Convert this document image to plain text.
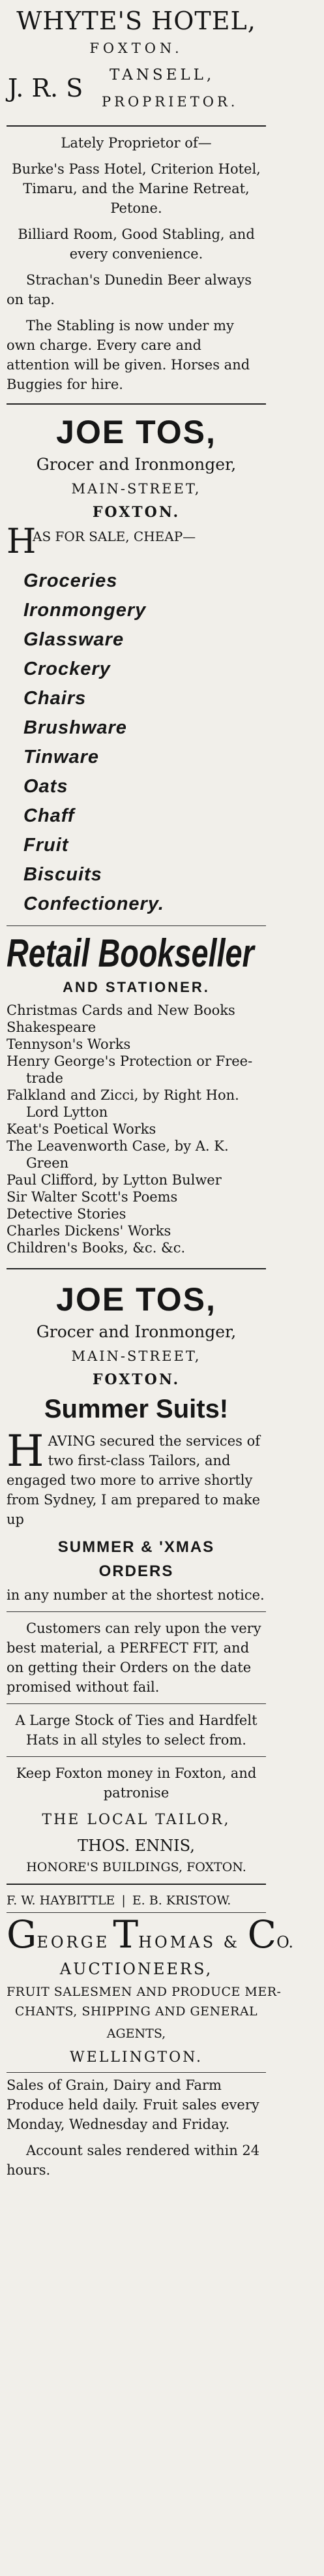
WHYTE'S HOTEL,
FOXTON.
J. R. S TANSELL,
PROPRIETOR.
Lately Proprietor of—
Burke's Pass Hotel, Criterion Hotel, Timaru, and the Marine Retreat, Petone.
Billiard Room, Good Stabling, and every convenience.
Strachan's Dunedin Beer always on tap.
The Stabling is now under my own charge. Every care and attention will be given. Horses and Buggies for hire.
JOE TOS,
Grocer and Ironmonger,
MAIN-STREET,
FOXTON.
H
AS FOR SALE, CHEAP—
Groceries
Ironmongery
Glassware
Crockery
Chairs
Brushware
Tinware
Oats
Chaff
Fruit
Biscuits
Confectionery.
Retail Bookseller
AND STATIONER.
Christmas Cards and New Books
Shakespeare
Tennyson's Works
Henry George's Protection or Free-trade
Falkland and Zicci, by Right Hon. Lord Lytton
Keat's Poetical Works
The Leavenworth Case, by A. K. Green
Paul Clifford, by Lytton Bulwer
Sir Walter Scott's Poems
Detective Stories
Charles Dickens' Works
Children's Books, &c. &c.
JOE TOS,
Grocer and Ironmonger,
MAIN-STREET,
FOXTON.
Summer Suits!
HAVING secured the services of two first-class Tailors, and engaged two more to arrive shortly from Sydney, I am prepared to make up
SUMMER & 'XMAS
ORDERS
in any number at the shortest notice.
Customers can rely upon the very best material, a PERFECT FIT, and on getting their Orders on the date promised without fail.
A Large Stock of Ties and Hardfelt Hats in all styles to select from.
Keep Foxton money in Foxton, and patronise
THE LOCAL TAILOR,
THOS. ENNIS,
HONORE'S BUILDINGS, FOXTON.
F. W. HAYBITTLE | E. B. KRISTOW.
GEORGE THOMAS & CO.
AUCTIONEERS,
FRUIT SALESMEN AND PRODUCE MER-
CHANTS, SHIPPING AND GENERAL
AGENTS,
WELLINGTON.
Sales of Grain, Dairy and Farm Produce held daily. Fruit sales every Monday, Wednesday and Friday.
Account sales rendered within 24 hours.
